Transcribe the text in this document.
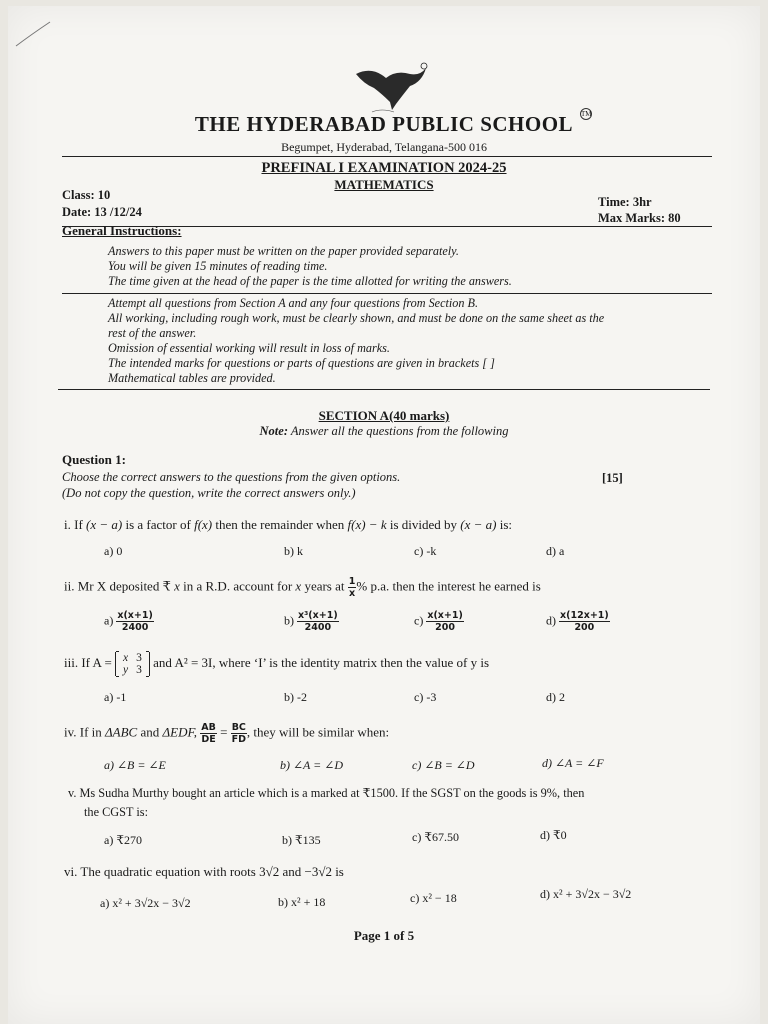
THE HYDERABAD PUBLIC SCHOOL	TM
Begumpet, Hyderabad, Telangana-500 016
PREFINAL I EXAMINATION 2024-25
MATHEMATICS
Class: 10
Date: 13 /12/24
Time: 3hr
Max Marks: 80
General Instructions:
Answers to this paper must be written on the paper provided separately.
You will be given 15 minutes of reading time.
The time given at the head of the paper is the time allotted for writing the answers.
Attempt all questions from Section A and any four questions from Section B.
All working, including rough work, must be clearly shown, and must be done on the same sheet as the
rest of the answer.
Omission of essential working will result in loss of marks.
The intended marks for questions or parts of questions are given in brackets [ ]
Mathematical tables are provided.
SECTION A(40 marks)
Note: Answer all the questions from the following
Question 1:
Choose the correct answers to the questions from the given options.
(Do not copy the question, write the correct answers only.)
[15]
i. If (x − a) is a factor of f(x) then the remainder when f(x) − k is divided by (x − a) is:
a) 0	b) k	c) -k	d) a
ii. Mr X deposited ₹ x in a R.D. account for x years at $\frac{1}{x}$ % p.a. then the interest he earned is
$a) \frac{x(x+1)}{2400}$	$b) \frac{\text{x³(x+1)}}{2400}$	$c) \frac{x(x+1)}{200}$	$d) \frac{x(12x+1)}{200}$
iii. If A = x	3
y	3
and A² = 3I, where ‘I’ is the identity matrix then the value of y is
a) -1	b) -2	c) -3	d) 2
iv. If in ΔABC and ΔEDF, $\frac{AB}{DE} = \frac{BC}{FD}$ , they will be similar when:
a) ∠B = ∠E	b) ∠A = ∠D	c) ∠B = ∠D	d) ∠A = ∠F
v. Ms Sudha Murthy bought an article which is a marked at ₹1500. If the SGST on the goods is 9%, then
the CGST is:
a) ₹270	b) ₹135	c) ₹67.50	d) ₹0
vi. The quadratic equation with roots 3√2 and −3√2 is
a) x² + 3√2x − 3√2	b) x² + 18	c) x² − 18	d) x² + 3√2x − 3√2
Page 1 of 5
